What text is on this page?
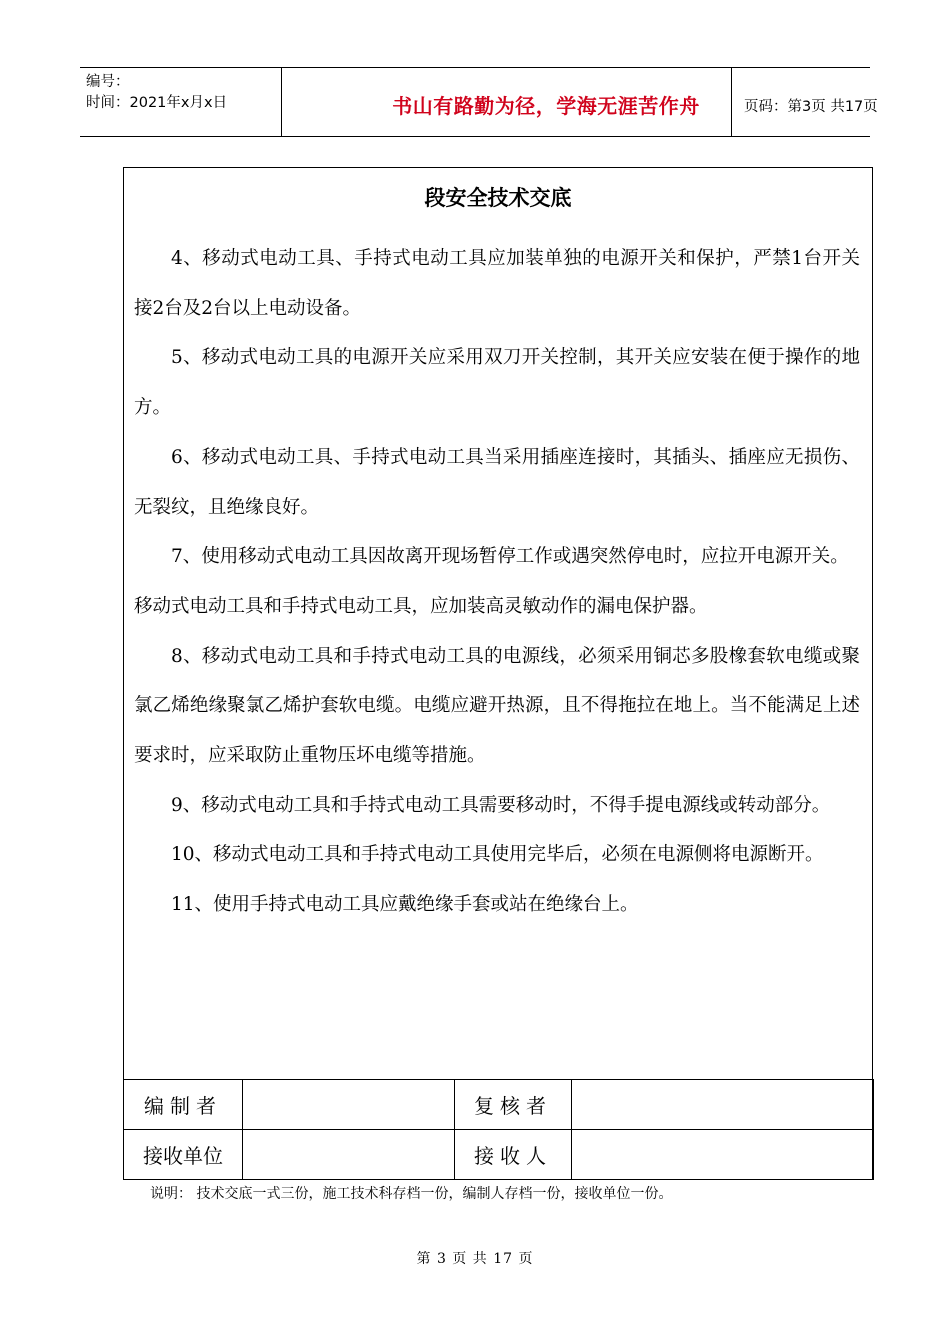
编号：
时间：2021年x月x日	书山有路勤为径，学海无涯苦作舟	页码：第3页 共17页
段安全技术交底

4、移动式电动工具、手持式电动工具应加装单独的电源开关和保护，严禁1台开关接2台及2台以上电动设备。

5、移动式电动工具的电源开关应采用双刀开关控制，其开关应安装在便于操作的地方。

6、移动式电动工具、手持式电动工具当采用插座连接时，其插头、插座应无损伤、无裂纹，且绝缘良好。

7、使用移动式电动工具因故离开现场暂停工作或遇突然停电时，应拉开电源开关。

移动式电动工具和手持式电动工具，应加装高灵敏动作的漏电保护器。

8、移动式电动工具和手持式电动工具的电源线，必须采用铜芯多股橡套软电缆或聚氯乙烯绝缘聚氯乙烯护套软电缆。电缆应避开热源，且不得拖拉在地上。当不能满足上述要求时，应采取防止重物压坏电缆等措施。

9、移动式电动工具和手持式电动工具需要移动时，不得手提电源线或转动部分。

10、移动式电动工具和手持式电动工具使用完毕后，必须在电源侧将电源断开。

11、使用手持式电动工具应戴绝缘手套或站在绝缘台上。

编制者		复核者	
接收单位		接收人	
说明： 技术交底一式三份，施工技术科存档一份，编制人存档一份，接收单位一份。
第 3 页 共 17 页
